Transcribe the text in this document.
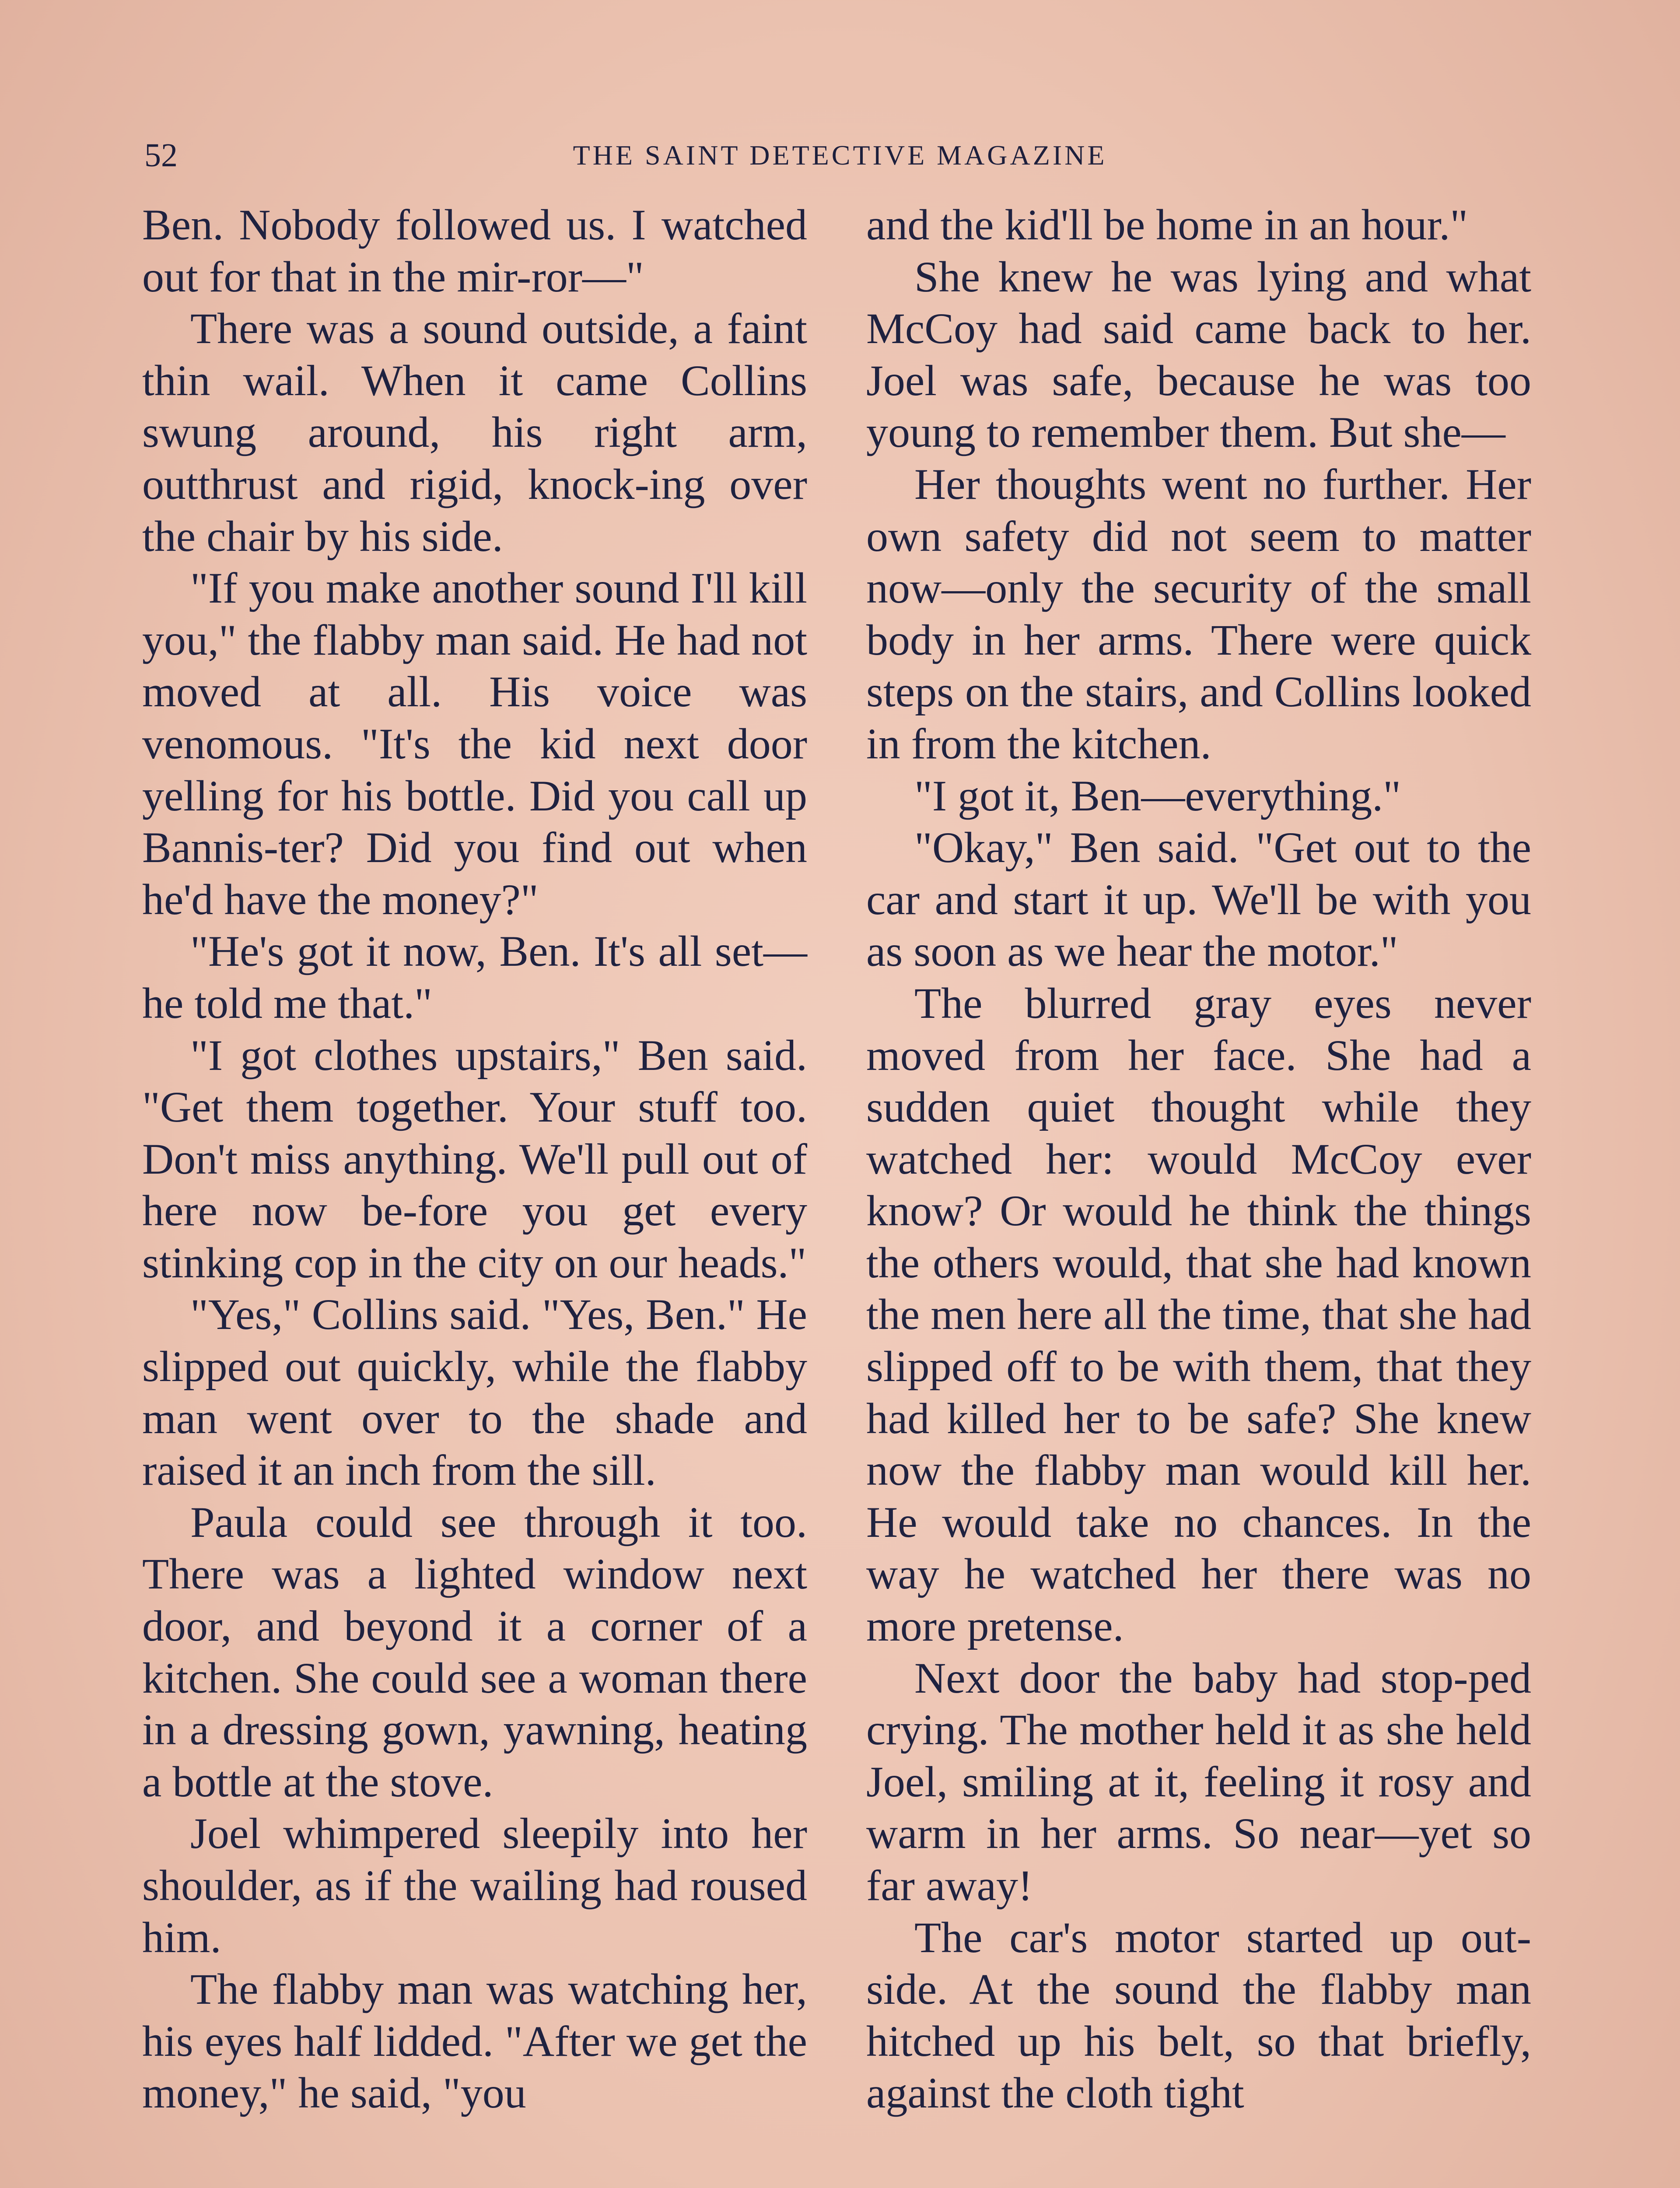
52	THE SAINT DETECTIVE MAGAZINE

Ben. Nobody followed us. I watched out for that in the mir-ror—"

There was a sound outside, a faint thin wail. When it came Collins swung around, his right arm, outthrust and rigid, knock-ing over the chair by his side.

"If you make another sound I'll kill you," the flabby man said. He had not moved at all. His voice was venomous. "It's the kid next door yelling for his bottle. Did you call up Bannis-ter? Did you find out when he'd have the money?"

"He's got it now, Ben. It's all set—he told me that."

"I got clothes upstairs," Ben said. "Get them together. Your stuff too. Don't miss anything. We'll pull out of here now be-fore you get every stinking cop in the city on our heads."

"Yes," Collins said. "Yes, Ben." He slipped out quickly, while the flabby man went over to the shade and raised it an inch from the sill.

Paula could see through it too. There was a lighted window next door, and beyond it a corner of a kitchen. She could see a woman there in a dressing gown, yawning, heating a bottle at the stove.

Joel whimpered sleepily into her shoulder, as if the wailing had roused him.

The flabby man was watching her, his eyes half lidded. "After we get the money," he said, "you

and the kid'll be home in an hour."

She knew he was lying and what McCoy had said came back to her. Joel was safe, because he was too young to remember them. But she—

Her thoughts went no further. Her own safety did not seem to matter now—only the security of the small body in her arms. There were quick steps on the stairs, and Collins looked in from the kitchen.

"I got it, Ben—everything."

"Okay," Ben said. "Get out to the car and start it up. We'll be with you as soon as we hear the motor."

The blurred gray eyes never moved from her face. She had a sudden quiet thought while they watched her: would McCoy ever know? Or would he think the things the others would, that she had known the men here all the time, that she had slipped off to be with them, that they had killed her to be safe? She knew now the flabby man would kill her. He would take no chances. In the way he watched her there was no more pretense.

Next door the baby had stop-ped crying. The mother held it as she held Joel, smiling at it, feeling it rosy and warm in her arms. So near—yet so far away!

The car's motor started up out-side. At the sound the flabby man hitched up his belt, so that briefly, against the cloth tight
